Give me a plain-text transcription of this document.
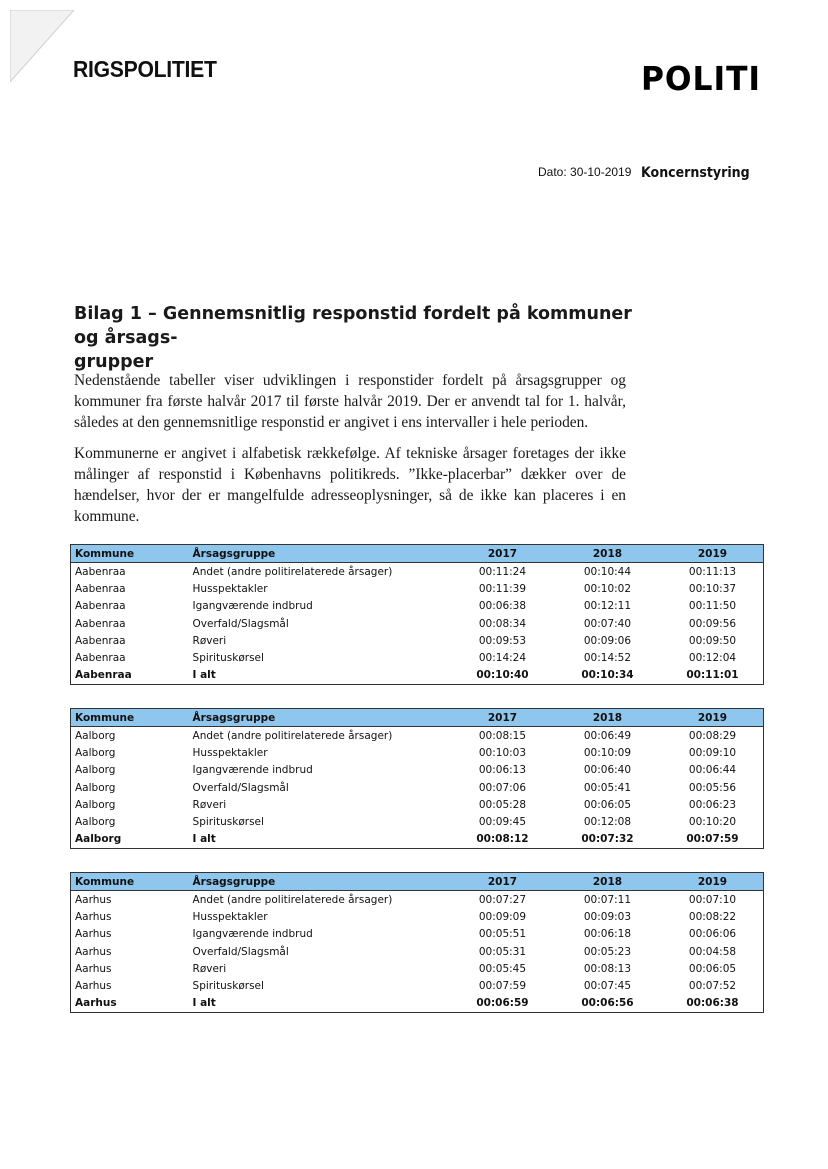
RIGSPOLITIET	POLITI
Dato: 30-10-2019 Koncernstyring
Bilag 1 – Gennemsnitlig responstid fordelt på kommuner og årsags-
grupper
Nedenstående tabeller viser udviklingen i responstider fordelt på årsagsgrupper og kommuner fra første halvår 2017 til første halvår 2019. Der er anvendt tal for 1. halvår, således at den gennemsnitlige responstid er angivet i ens intervaller i hele perioden.
Kommunerne er angivet i alfabetisk rækkefølge. Af tekniske årsager foretages der ikke målinger af responstid i Københavns politikreds. ”Ikke-placerbar” dækker over de hændelser, hvor der er mangelfulde adresseoplysninger, så de ikke kan placeres i en kommune.
Kommune	Årsagsgruppe	2017	2018	2019
Aabenraa	Andet (andre politirelaterede årsager)	00:11:24	00:10:44	00:11:13
Aabenraa	Husspektakler	00:11:39	00:10:02	00:10:37
Aabenraa	Igangværende indbrud	00:06:38	00:12:11	00:11:50
Aabenraa	Overfald/Slagsmål	00:08:34	00:07:40	00:09:56
Aabenraa	Røveri	00:09:53	00:09:06	00:09:50
Aabenraa	Spirituskørsel	00:14:24	00:14:52	00:12:04
Aabenraa	I alt	00:10:40	00:10:34	00:11:01
Kommune	Årsagsgruppe	2017	2018	2019
Aalborg	Andet (andre politirelaterede årsager)	00:08:15	00:06:49	00:08:29
Aalborg	Husspektakler	00:10:03	00:10:09	00:09:10
Aalborg	Igangværende indbrud	00:06:13	00:06:40	00:06:44
Aalborg	Overfald/Slagsmål	00:07:06	00:05:41	00:05:56
Aalborg	Røveri	00:05:28	00:06:05	00:06:23
Aalborg	Spirituskørsel	00:09:45	00:12:08	00:10:20
Aalborg	I alt	00:08:12	00:07:32	00:07:59
Kommune	Årsagsgruppe	2017	2018	2019
Aarhus	Andet (andre politirelaterede årsager)	00:07:27	00:07:11	00:07:10
Aarhus	Husspektakler	00:09:09	00:09:03	00:08:22
Aarhus	Igangværende indbrud	00:05:51	00:06:18	00:06:06
Aarhus	Overfald/Slagsmål	00:05:31	00:05:23	00:04:58
Aarhus	Røveri	00:05:45	00:08:13	00:06:05
Aarhus	Spirituskørsel	00:07:59	00:07:45	00:07:52
Aarhus	I alt	00:06:59	00:06:56	00:06:38
